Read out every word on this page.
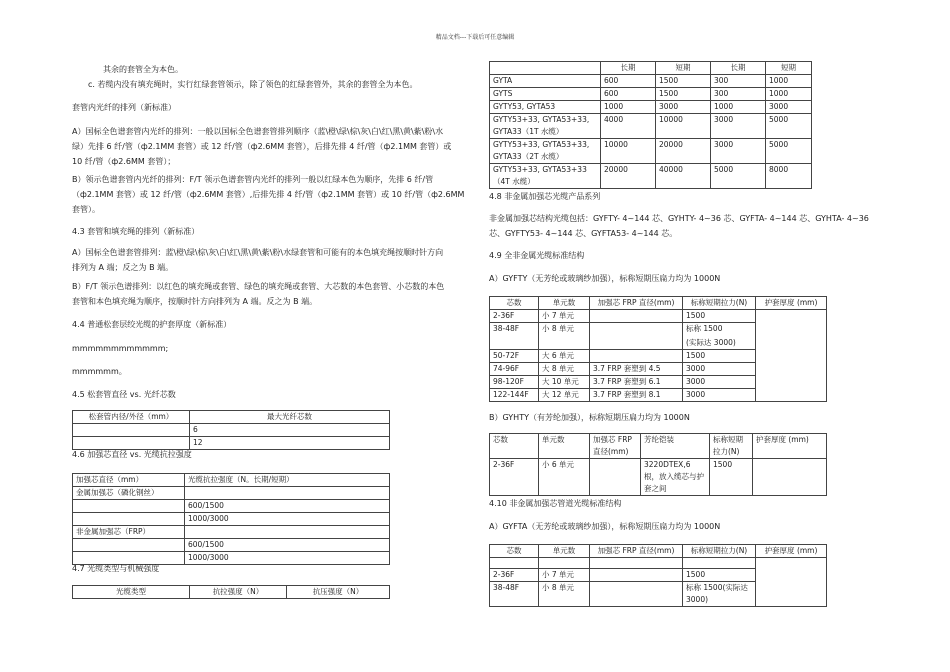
精品文档---下载后可任意编辑
其余的套管全为本色。
c. 若缆内没有填充绳时，实行红绿套管领示，除了领色的红绿套管外，其余的套管全为本色。
套管内光纤的排列（新标准）
A）国标全色谱套管内光纤的排列：一般以国标全色谱套管排列顺序（蓝\橙\绿\棕\灰\白\红\黑\黄\紫\粉\水
绿）先排 6 纤/管（ф2.1MM 套管）或 12 纤/管（ф2.6MM 套管），后排先排 4 纤/管（ф2.1MM 套管）或
10 纤/管（ф2.6MM 套管）；
B）领示色谱套管内光纤的排列：F/T 领示色谱套管内光纤的排列一般以红绿本色为顺序，先排 6 纤/管
（ф2.1MM 套管）或 12 纤/管（ф2.6MM 套管）,后排先排 4 纤/管（ф2.1MM 套管）或 10 纤/管（ф2.6MM
套管）。
4.3 套管和填充绳的排列（新标准）
A）国标全色谱套管排列：蓝\橙\绿\棕\灰\白\红\黑\黄\紫\粉\水绿套管和可能有的本色填充绳按顺时针方向
排列为 A 端；反之为 B 端。
B）F/T 领示色谱排列：以红色的填充绳或套管、绿色的填充绳或套管、大芯数的本色套管、小芯数的本色
套管和本色填充绳为顺序，按顺时针方向排列为 A 端。反之为 B 端。
4.4 普通松套层绞光缆的护套厚度（新标准）
mmmmmmmmmmmm;
mmmmmm。
4.5 松套管直径 vs. 光纤芯数
松套管内径/外径（mm）	最大光纤芯数
	6
	12
4.6 加强芯直径 vs. 光缆抗拉强度
加强芯直径（mm）	光缆抗拉强度（N。长期/短期）
金属加强芯（磷化钢丝）	
	600/1500
	1000/3000
非金属加强芯（FRP）	
	600/1500
	1000/3000
4.7 光缆类型与机械强度
光缆类型	抗拉强度（N）	抗压强度（N）
	长期	短期	长期	短期
GYTA	600	1500	300	1000
GYTS	600	1500	300	1000
GYTY53, GYTA53	1000	3000	1000	3000
GYTY53+33, GYTA53+33, GYTA33（1T 水缆）	4000	10000	3000	5000
GYTY53+33, GYTA53+33, GYTA33（2T 水缆）	10000	20000	3000	5000
GYTY53+33, GYTA53+33（4T 水缆）	20000	40000	5000	8000
4.8 非金属加强芯光缆产品系列
非金属加强芯结构光缆包括：GYFTY- 4~144 芯、GYHTY- 4~36 芯、GYFTA- 4~144 芯、GYHTA- 4~36
芯、GYFTY53- 4~144 芯、GYFTA53- 4~144 芯。
4.9 全非金属光缆标准结构
A）GYFTY（无芳纶或玻璃纱加强），标称短期压扁力均为 1000N
芯数	单元数	加强芯 FRP 直径(mm)	标称短期拉力(N)	护套厚度 (mm)
2-36F	小 7 单元		1500	
38-48F	小 8 单元		标称 1500	
			(实际达 3000)	
50-72F	大 6 单元		1500	
74-96F	大 8 单元	3.7 FRP 套塑到 4.5	3000	
98-120F	大 10 单元	3.7 FRP 套塑到 6.1	3000	
122-144F	大 12 单元	3.7 FRP 套塑到 8.1	3000	
B）GYHTY（有芳纶加强），标称短期压扁力均为 1000N
芯数	单元数	加强芯 FRP 直径(mm)	芳纶铠装	标称短期拉力(N)	护套厚度 (mm)
2-36F	小 6 单元		3220DTEX,6 根，放入缆芯与护套之间	1500	
4.10 非金属加强芯管道光缆标准结构
A）GYFTA（无芳纶或玻璃纱加强），标称短期压扁力均为 1000N
芯数	单元数	加强芯 FRP 直径(mm)	标称短期拉力(N)	护套厚度 (mm)

2-36F	小 7 单元		1500	
38-48F	小 8 单元		标称 1500(实际达 3000)	
